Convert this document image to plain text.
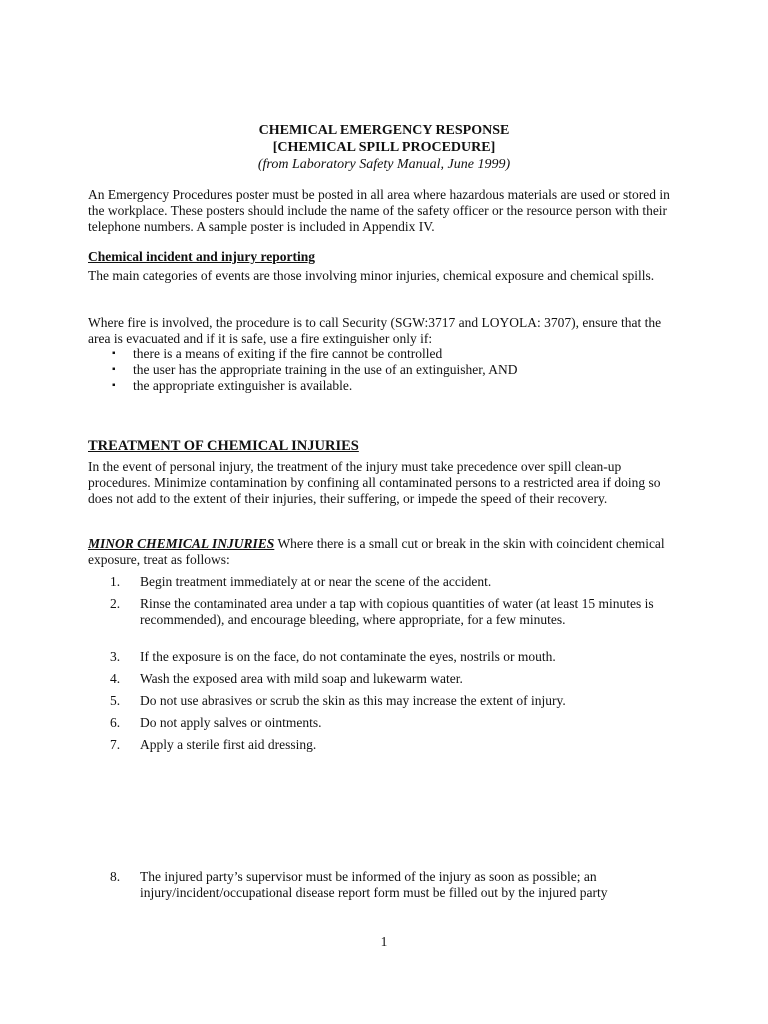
CHEMICAL EMERGENCY RESPONSE
[CHEMICAL SPILL PROCEDURE]
(from Laboratory Safety Manual, June 1999)

An Emergency Procedures poster must be posted in all area where hazardous materials are used or stored in the workplace. These posters should include the name of the safety officer or the resource person with their telephone numbers. A sample poster is included in Appendix IV.

Chemical incident and injury reporting

The main categories of events are those involving minor injuries, chemical exposure and chemical spills.

Where fire is involved, the procedure is to call Security (SGW:3717 and LOYOLA: 3707), ensure that the area is evacuated and if it is safe, use a fire extinguisher only if:

▪ there is a means of exiting if the fire cannot be controlled
▪ the user has the appropriate training in the use of an extinguisher, AND
▪ the appropriate extinguisher is available.

TREATMENT OF CHEMICAL INJURIES

In the event of personal injury, the treatment of the injury must take precedence over spill clean-up procedures. Minimize contamination by confining all contaminated persons to a restricted area if doing so does not add to the extent of their injuries, their suffering, or impede the speed of their recovery.

MINOR CHEMICAL INJURIES Where there is a small cut or break in the skin with coincident chemical exposure, treat as follows:

1.	Begin treatment immediately at or near the scene of the accident.
2.	Rinse the contaminated area under a tap with copious quantities of water (at least 15 minutes is recommended), and encourage bleeding, where appropriate, for a few minutes.
3.	If the exposure is on the face, do not contaminate the eyes, nostrils or mouth.
4.	Wash the exposed area with mild soap and lukewarm water.
5.	Do not use abrasives or scrub the skin as this may increase the extent of injury.
6.	Do not apply salves or ointments.
7.	Apply a sterile first aid dressing.
8.	The injured party’s supervisor must be informed of the injury as soon as possible; an injury/incident/occupational disease report form must be filled out by the injured party
1
